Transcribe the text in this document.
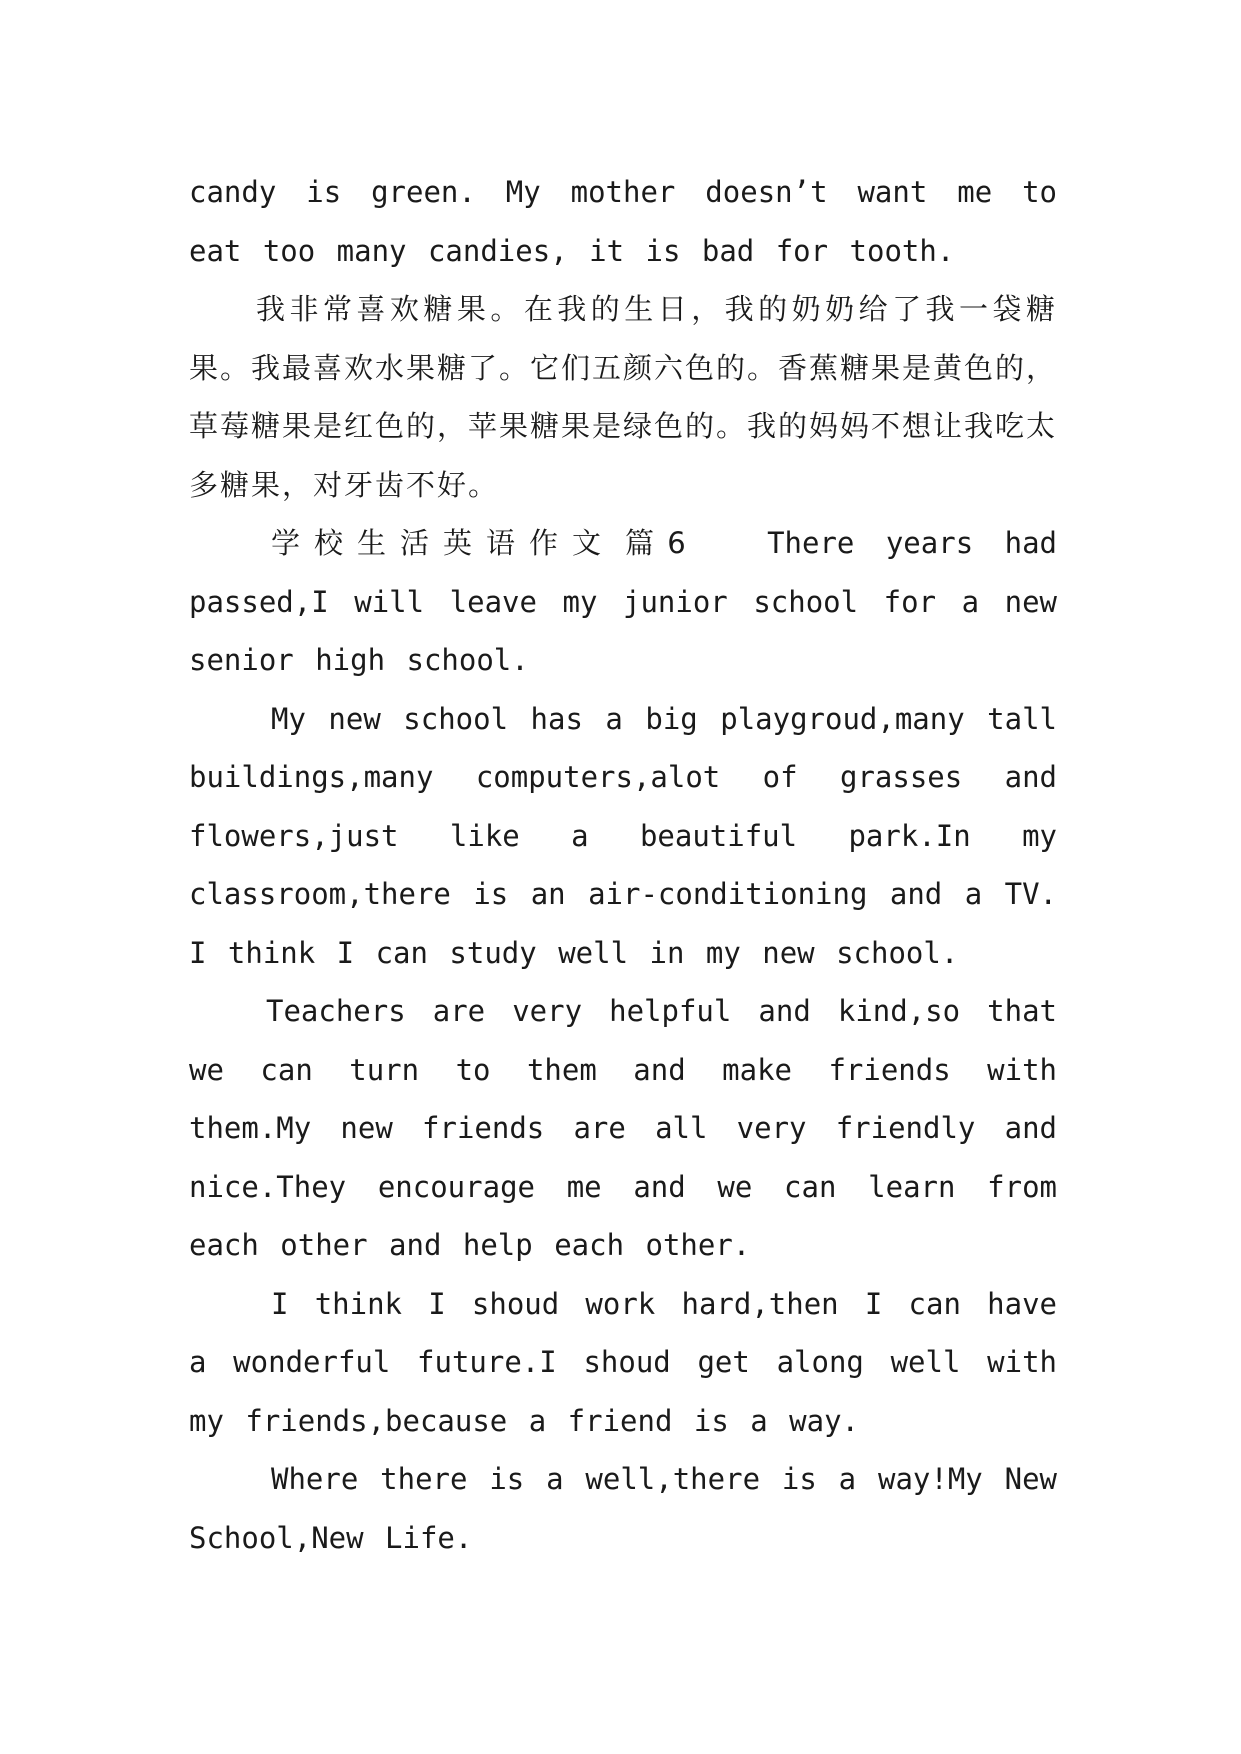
candy is green. My mother doesn’t want me to eat too many candies, it is bad for tooth.

我非常喜欢糖果。在我的生日，我的奶奶给了我一袋糖果。我最喜欢水果糖了。它们五颜六色的。香蕉糖果是黄色的，草莓糖果是红色的，苹果糖果是绿色的。我的妈妈不想让我吃太多糖果，对牙齿不好。

学校生活英语作文 篇 6	There years had

passed,I will leave my junior school for a new senior high school.

My new school has a big playgroud,many tall buildings,many computers,alot of grasses and flowers,just like a beautiful park.In my classroom,there is an air-conditioning and a TV. I think I can study well in my new school.

Teachers are very helpful and kind,so that we can turn to them and make friends with them.My new friends are all very friendly and nice.They encourage me and we can learn from each other and help each other.

I think I shoud work hard,then I can have a wonderful future.I shoud get along well with my friends,because a friend is a way.

Where there is a well,there is a way!My New School,New Life.
